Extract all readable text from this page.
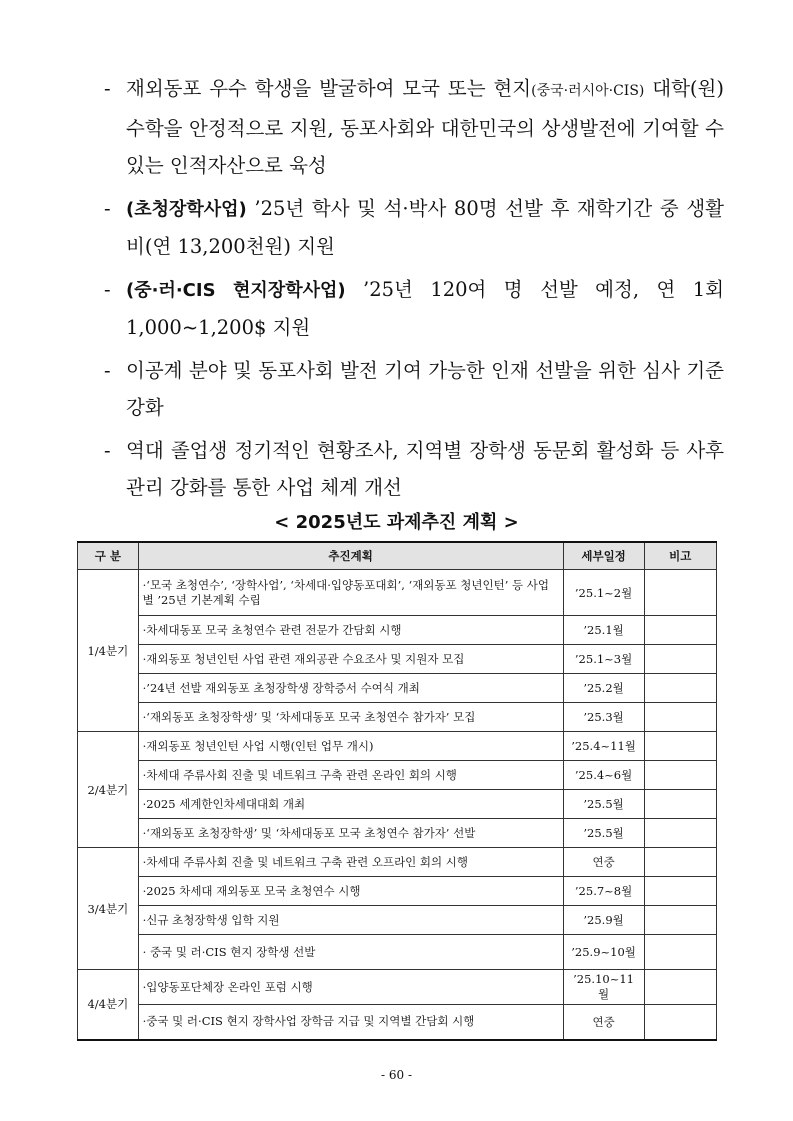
- 재외동포 우수 학생을 발굴하여 모국 또는 현지(중국·러시아·CIS) 대학(원) 수학을 안정적으로 지원, 동포사회와 대한민국의 상생발전에 기여할 수 있는 인적자산으로 육성
- (초청장학사업) ’25년 학사 및 석·박사 80명 선발 후 재학기간 중 생활비(연 13,200천원) 지원
- (중·러·CIS 현지장학사업) ’25년 120여 명 선발 예정, 연 1회 1,000~1,200$ 지원
- 이공계 분야 및 동포사회 발전 기여 가능한 인재 선발을 위한 심사 기준 강화
- 역대 졸업생 정기적인 현황조사, 지역별 장학생 동문회 활성화 등 사후관리 강화를 통한 사업 체계 개선
< 2025년도 과제추진 계획 >
구 분	추진계획	세부일정	비고
1/4분기	·‘모국 초청연수’, ‘장학사업’, ‘차세대·입양동포대회’, ‘재외동포 청년인턴’ 등 사업별 ’25년 기본계획 수립	’25.1~2월	
	·차세대동포 모국 초청연수 관련 전문가 간담회 시행	’25.1월	
	·재외동포 청년인턴 사업 관련 재외공관 수요조사 및 지원자 모집	’25.1~3월	
	·’24년 선발 재외동포 초청장학생 장학증서 수여식 개최	’25.2월	
	·‘재외동포 초청장학생’ 및 ‘차세대동포 모국 초청연수 참가자’ 모집	’25.3월	
2/4분기	·재외동포 청년인턴 사업 시행(인턴 업무 개시)	’25.4~11월	
	·차세대 주류사회 진출 및 네트워크 구축 관련 온라인 회의 시행	’25.4~6월	
	·2025 세계한인차세대대회 개최	’25.5월	
	·‘재외동포 초청장학생’ 및 ‘차세대동포 모국 초청연수 참가자’ 선발	’25.5월	
3/4분기	·차세대 주류사회 진출 및 네트워크 구축 관련 오프라인 회의 시행	연중	
	·2025 차세대 재외동포 모국 초청연수 시행	’25.7~8월	
	·신규 초청장학생 입학 지원	’25.9월	
	· 중국 및 러·CIS 현지 장학생 선발	’25.9~10월	
4/4분기	·입양동포단체장 온라인 포럼 시행	’25.10~11월	
	·중국 및 러·CIS 현지 장학사업 장학금 지급 및 지역별 간담회 시행	연중	
- 60 -
